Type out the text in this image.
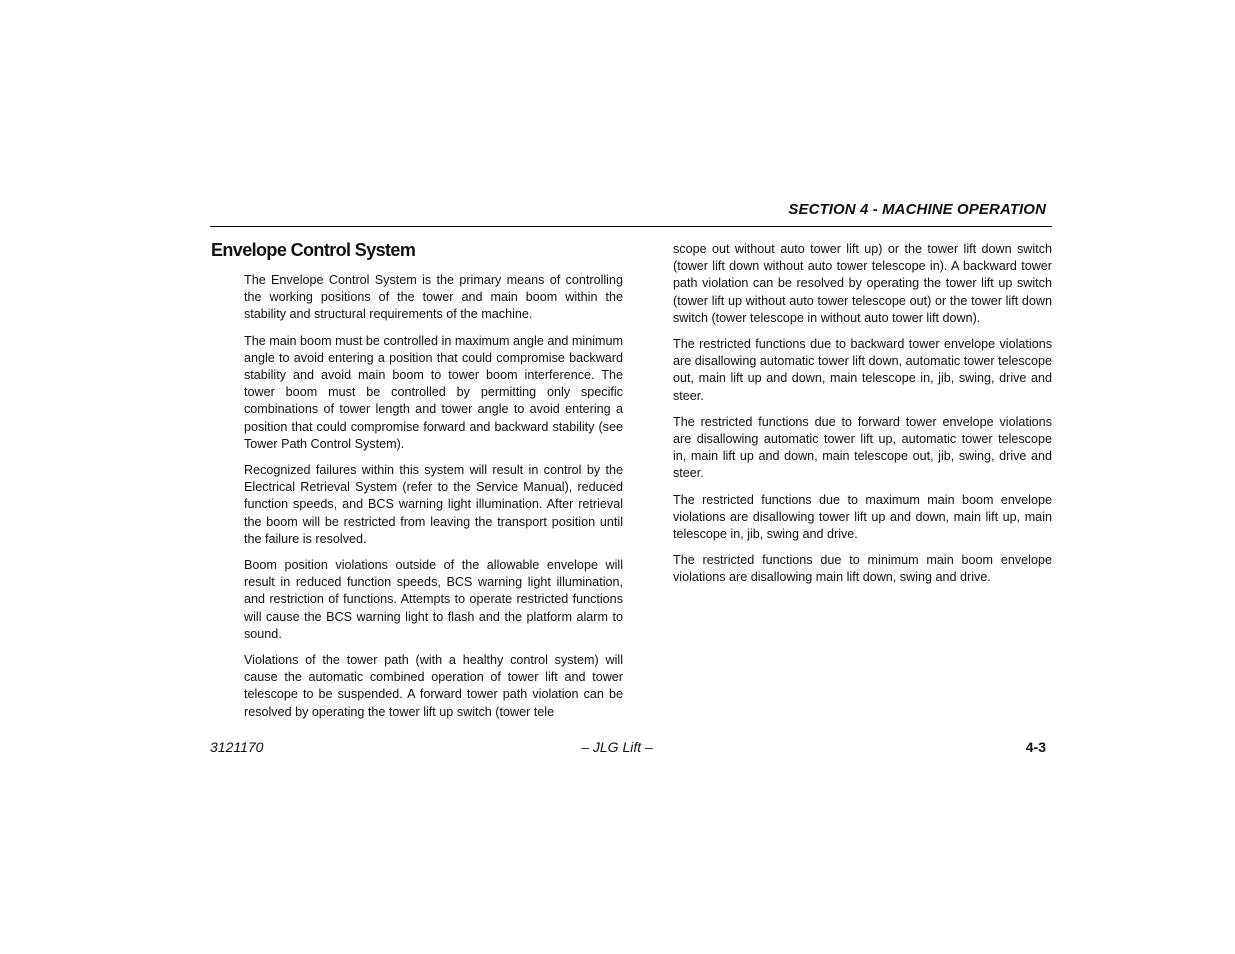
SECTION 4 - MACHINE OPERATION
Envelope Control System

The Envelope Control System is the primary means of controlling the working positions of the tower and main boom within the stability and structural requirements of the machine.

The main boom must be controlled in maximum angle and minimum angle to avoid entering a position that could compromise backward stability and avoid main boom to tower boom interference. The tower boom must be controlled by permitting only specific combinations of tower length and tower angle to avoid entering a position that could compromise forward and backward stability (see Tower Path Control System).

Recognized failures within this system will result in control by the Electrical Retrieval System (refer to the Service Manual), reduced function speeds, and BCS warning light illumination. After retrieval the boom will be restricted from leaving the transport position until the failure is resolved.

Boom position violations outside of the allowable envelope will result in reduced function speeds, BCS warning light illumination, and restriction of functions. Attempts to operate restricted functions will cause the BCS warning light to flash and the platform alarm to sound.

Violations of the tower path (with a healthy control system) will cause the automatic combined operation of tower lift and tower telescope to be suspended. A forward tower path violation can be resolved by operating the tower lift up switch (tower tele

scope out without auto tower lift up) or the tower lift down switch (tower lift down without auto tower telescope in). A backward tower path violation can be resolved by operating the tower lift up switch (tower lift up without auto tower telescope out) or the tower lift down switch (tower telescope in without auto tower lift down).

The restricted functions due to backward tower envelope violations are disallowing automatic tower lift down, automatic tower telescope out, main lift up and down, main telescope in, jib, swing, drive and steer.

The restricted functions due to forward tower envelope violations are disallowing automatic tower lift up, automatic tower telescope in, main lift up and down, main telescope out, jib, swing, drive and steer.

The restricted functions due to maximum main boom envelope violations are disallowing tower lift up and down, main lift up, main telescope in, jib, swing and drive.

The restricted functions due to minimum main boom envelope violations are disallowing main lift down, swing and drive.

3121170	– JLG Lift –	4-3
